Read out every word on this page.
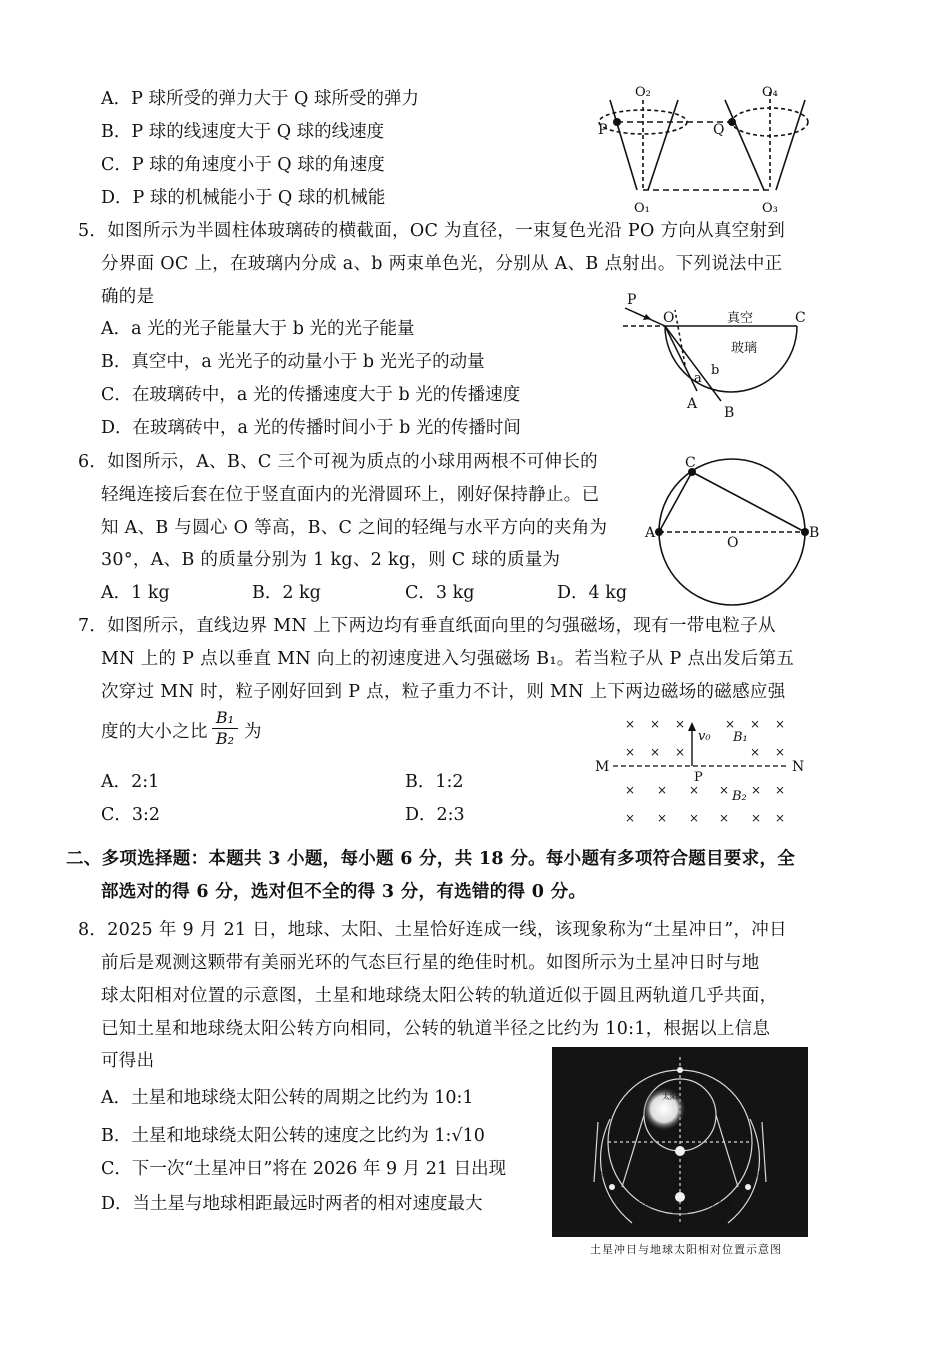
A．P 球所受的弹力大于 Q 球所受的弹力
B．P 球的线速度大于 Q 球的线速度
C．P 球的角速度小于 Q 球的角速度
D．P 球的机械能小于 Q 球的机械能
O₂	O₄
P	Q
O₁	O₃
5．如图所示为半圆柱体玻璃砖的横截面，OC 为直径，一束复色光沿 PO 方向从真空射到
分界面 OC 上，在玻璃内分成 a、b 两束单色光，分别从 A、B 点射出。下列说法中正
确的是
A．a 光的光子能量大于 b 光的光子能量
B．真空中，a 光光子的动量小于 b 光光子的动量
C．在玻璃砖中，a 光的传播速度大于 b 光的传播速度
D．在玻璃砖中，a 光的传播时间小于 b 光的传播时间
P
O	C
真空
玻璃
a
b
A
B
6．如图所示，A、B、C 三个可视为质点的小球用两根不可伸长的
轻绳连接后套在位于竖直面内的光滑圆环上，刚好保持静止。已
知 A、B 与圆心 O 等高，B、C 之间的轻绳与水平方向的夹角为
30°，A、B 的质量分别为 1 kg、2 kg，则 C 球的质量为
A．1 kg	B．2 kg	C．3 kg	D．4 kg
C
A	B
O
7．如图所示，直线边界 MN 上下两边均有垂直纸面向里的匀强磁场，现有一带电粒子从
MN 上的 P 点以垂直 MN 向上的初速度进入匀强磁场 B₁。若当粒子从 P 点出发后第五
次穿过 MN 时，粒子刚好回到 P 点，粒子重力不计，则 MN 上下两边磁场的磁感应强
度的大小之比
B₁
B₂ 为
A．2:1	B．1:2
C．3:2	D．2:3
× × ×	× × ×
× × ×	× ×
× × × × × ×
× × × × × ×
M	N
P
v₀ B₁
B₂
二、多项选择题：本题共 3 小题，每小题 6 分，共 18 分。每小题有多项符合题目要求，全
部选对的得 6 分，选对但不全的得 3 分，有选错的得 0 分。
8．2025 年 9 月 21 日，地球、太阳、土星恰好连成一线，该现象称为“土星冲日”，冲日
前后是观测这颗带有美丽光环的气态巨行星的绝佳时机。如图所示为土星冲日时与地
球太阳相对位置的示意图，土星和地球绕太阳公转的轨道近似于圆且两轨道几乎共面，
已知土星和地球绕太阳公转方向相同，公转的轨道半径之比约为 10:1，根据以上信息
可得出
A．土星和地球绕太阳公转的周期之比约为 10:1
B．土星和地球绕太阳公转的速度之比约为 1:√10
C．下一次“土星冲日”将在 2026 年 9 月 21 日出现
D．当土星与地球相距最远时两者的相对速度最大
太阳
地球
土星
西方照	东方照
合	合
冲
土星冲日与地球太阳相对位置示意图
